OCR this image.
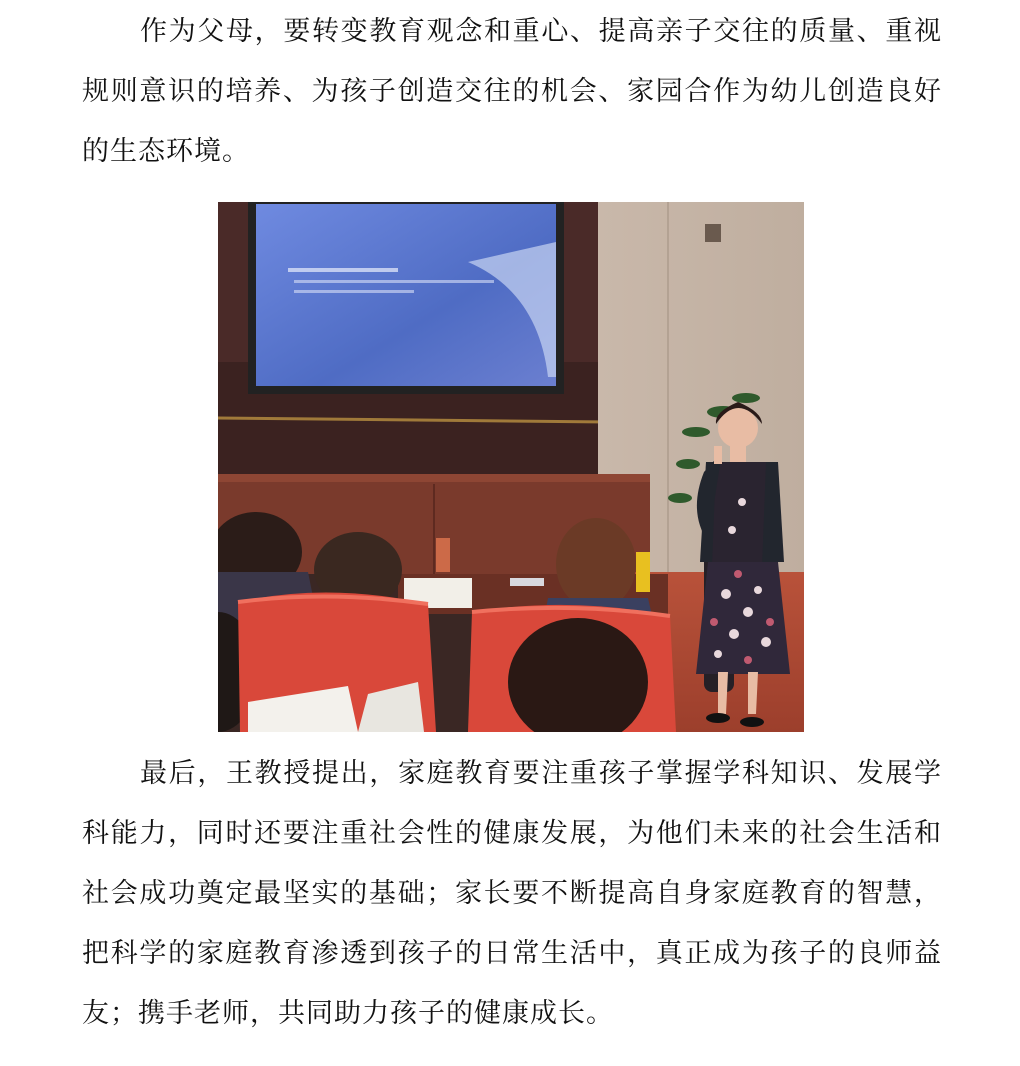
作为父母，要转变教育观念和重心、提高亲子交往的质量、重视规则意识的培养、为孩子创造交往的机会、家园合作为幼儿创造良好的生态环境。

最后，王教授提出，家庭教育要注重孩子掌握学科知识、发展学科能力，同时还要注重社会性的健康发展，为他们未来的社会生活和社会成功奠定最坚实的基础；家长要不断提高自身家庭教育的智慧，把科学的家庭教育渗透到孩子的日常生活中，真正成为孩子的良师益友；携手老师，共同助力孩子的健康成长。
